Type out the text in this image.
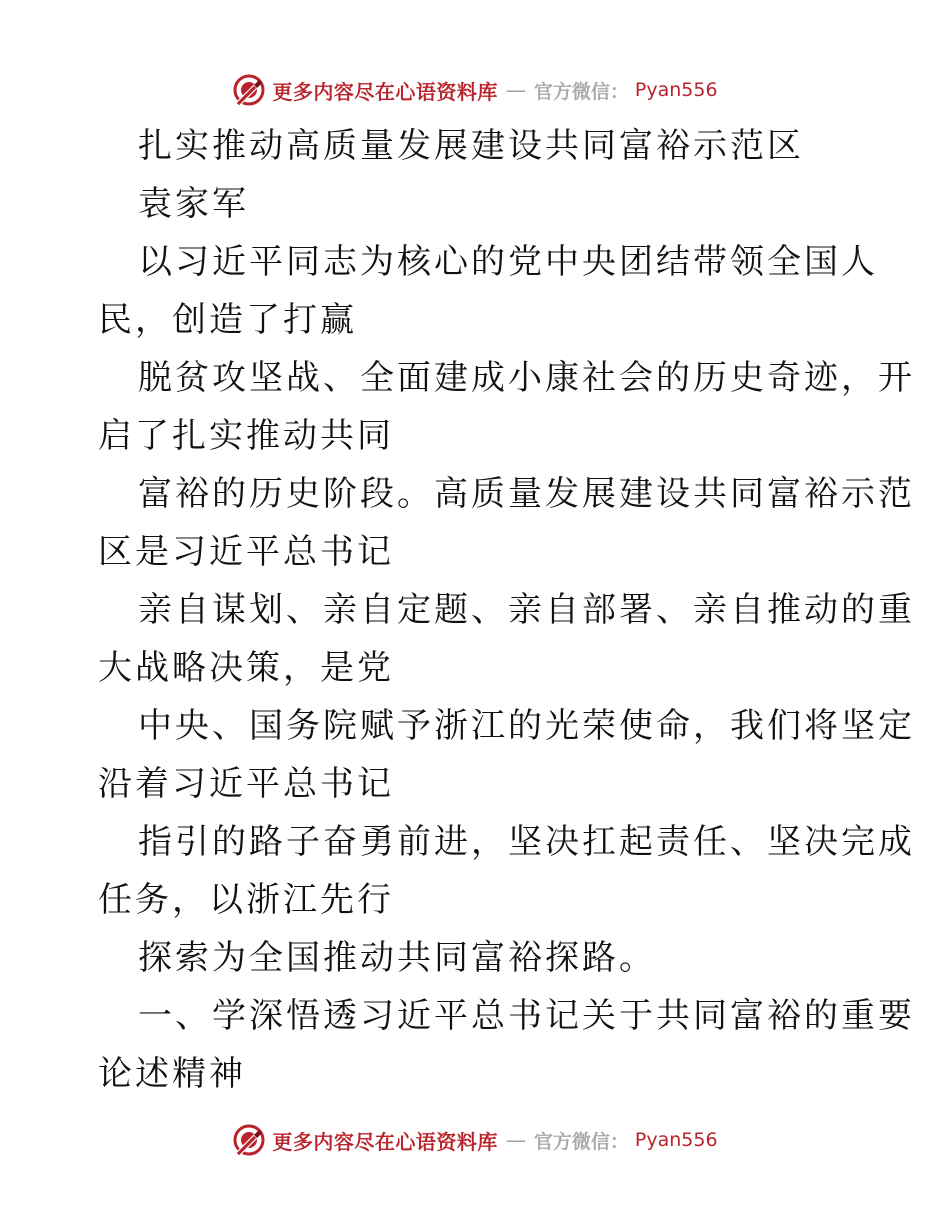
更多内容尽在心语资料库 — 官方微信： Pyan556
扎实推动高质量发展建设共同富裕示范区
袁家军
以习近平同志为核心的党中央团结带领全国人
民，创造了打赢
脱贫攻坚战、全面建成小康社会的历史奇迹，开
启了扎实推动共同
富裕的历史阶段。高质量发展建设共同富裕示范
区是习近平总书记
亲自谋划、亲自定题、亲自部署、亲自推动的重
大战略决策，是党
中央、国务院赋予浙江的光荣使命，我们将坚定
沿着习近平总书记
指引的路子奋勇前进，坚决扛起责任、坚决完成
任务，以浙江先行
探索为全国推动共同富裕探路。
一、学深悟透习近平总书记关于共同富裕的重要
论述精神
更多内容尽在心语资料库 — 官方微信： Pyan556
